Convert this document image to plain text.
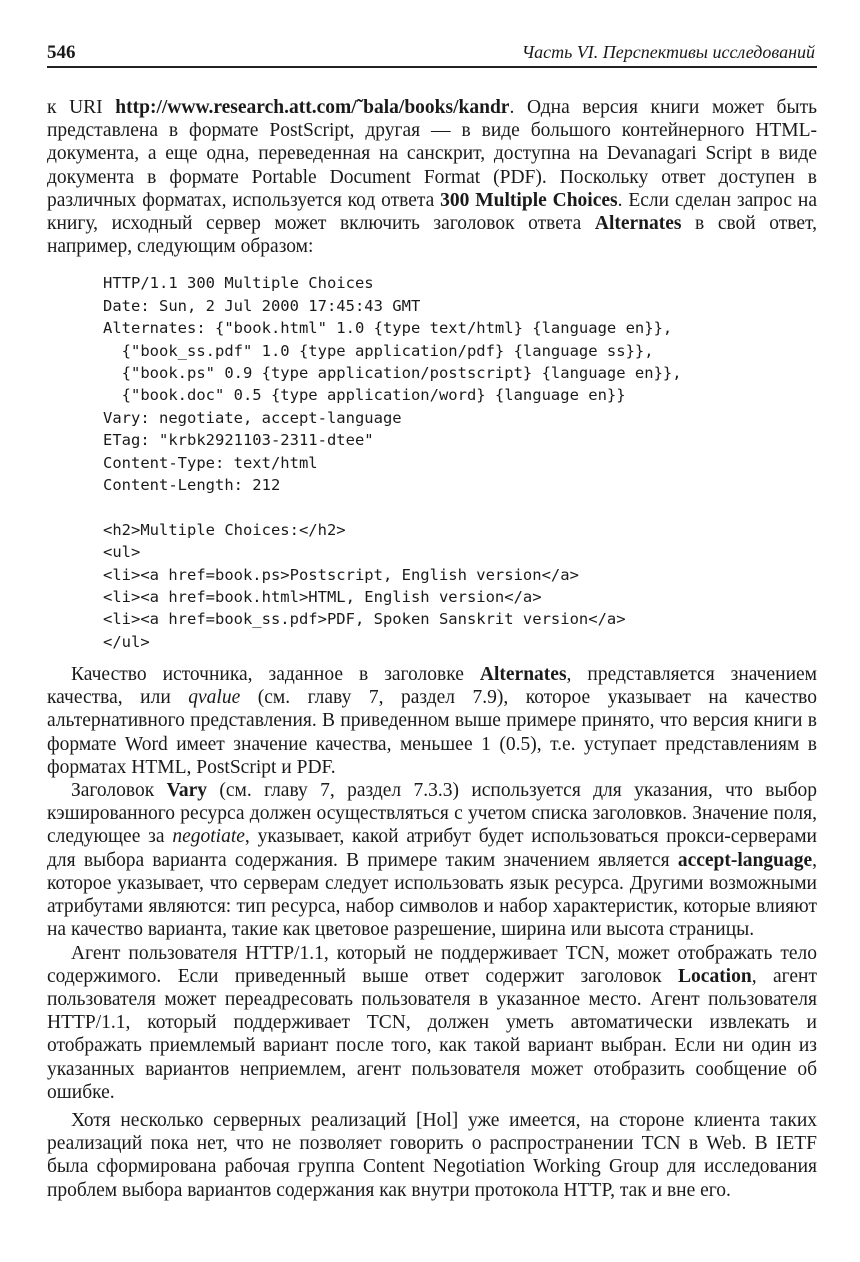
546	Часть VI. Перспективы исследований

к URI http://www.research.att.com/˜bala/books/kandr. Одна версия книги может быть представлена в формате PostScript, другая — в виде большого контейнерного HTML-документа, а еще одна, переведенная на санскрит, доступна на Devanagari Script в виде документа в формате Portable Document Format (PDF). Поскольку ответ доступен в различных форматах, используется код ответа 300 Multiple Choices. Если сделан запрос на книгу, исходный сервер может включить заголовок ответа Alternates в свой ответ, например, следующим образом:

HTTP/1.1 300 Multiple Choices
Date: Sun, 2 Jul 2000 17:45:43 GMT
Alternates: {"book.html" 1.0 {type text/html} {language en}},
{"book_ss.pdf" 1.0 {type application/pdf} {language ss}},
{"book.ps" 0.9 {type application/postscript} {language en}},
{"book.doc" 0.5 {type application/word} {language en}}
Vary: negotiate, accept-language
ETag: "krbk2921103-2311-dtee"
Content-Type: text/html
Content-Length: 212
<h2>Multiple Choices:</h2>
<ul>
<li><a href=book.ps>Postscript, English version</a>
<li><a href=book.html>HTML, English version</a>
<li><a href=book_ss.pdf>PDF, Spoken Sanskrit version</a>
</ul>

Качество источника, заданное в заголовке Alternates, представляется значением качества, или qvalue (см. главу 7, раздел 7.9), которое указывает на качество альтернативного представления. В приведенном выше примере принято, что версия книги в формате Word имеет значение качества, меньшее 1 (0.5), т.е. уступает представлениям в форматах HTML, PostScript и PDF.

Заголовок Vary (см. главу 7, раздел 7.3.3) используется для указания, что выбор кэшированного ресурса должен осуществляться с учетом списка заголовков. Значение поля, следующее за negotiate, указывает, какой атрибут будет использоваться прокси-серверами для выбора варианта содержания. В примере таким значением является accept-language, которое указывает, что серверам следует использовать язык ресурса. Другими возможными атрибутами являются: тип ресурса, набор символов и набор характеристик, которые влияют на качество варианта, такие как цветовое разрешение, ширина или высота страницы.

Агент пользователя HTTP/1.1, который не поддерживает TCN, может отображать тело содержимого. Если приведенный выше ответ содержит заголовок Location, агент пользователя может переадресовать пользователя в указанное место. Агент пользователя HTTP/1.1, который поддерживает TCN, должен уметь автоматически извлекать и отображать приемлемый вариант после того, как такой вариант выбран. Если ни один из указанных вариантов неприемлем, агент пользователя может отобразить сообщение об ошибке.

Хотя несколько серверных реализаций [Hol] уже имеется, на стороне клиента таких реализаций пока нет, что не позволяет говорить о распространении TCN в Web. В IETF была сформирована рабочая группа Content Negotiation Working Group для исследования проблем выбора вариантов содержания как внутри протокола HTTP, так и вне его.
